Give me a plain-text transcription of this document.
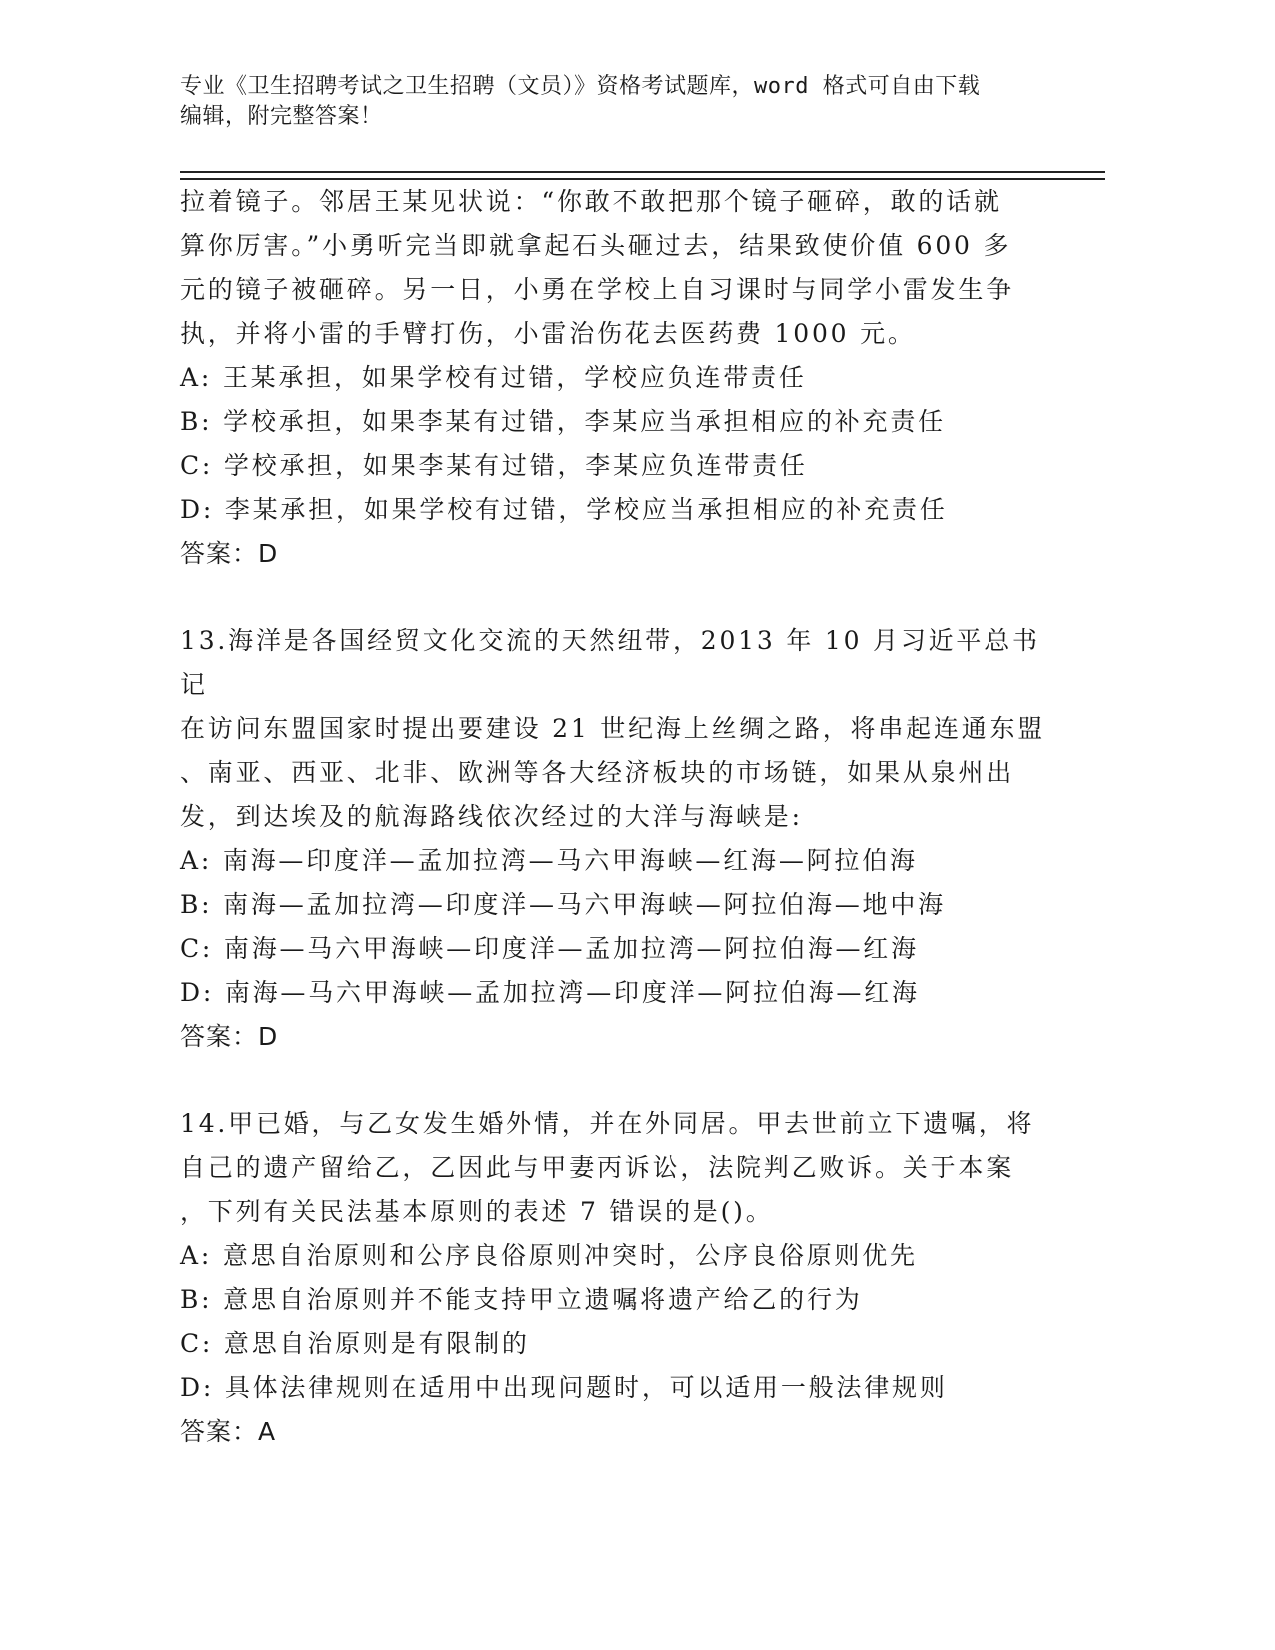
专业《卫生招聘考试之卫生招聘（文员）》资格考试题库，word 格式可自由下载
编辑，附完整答案！

拉着镜子。邻居王某见状说：“你敢不敢把那个镜子砸碎，敢的话就

算你厉害。”小勇听完当即就拿起石头砸过去，结果致使价值 600 多

元的镜子被砸碎。另一日，小勇在学校上自习课时与同学小雷发生争

执，并将小雷的手臂打伤，小雷治伤花去医药费 1000 元。

A: 王某承担，如果学校有过错，学校应负连带责任

B: 学校承担，如果李某有过错，李某应当承担相应的补充责任

C: 学校承担，如果李某有过错，李某应负连带责任

D: 李某承担，如果学校有过错，学校应当承担相应的补充责任

答案：D

13.海洋是各国经贸文化交流的天然纽带，2013 年 10 月习近平总书记

在访问东盟国家时提出要建设 21 世纪海上丝绸之路，将串起连通东盟

、南亚、西亚、北非、欧洲等各大经济板块的市场链，如果从泉州出

发，到达埃及的航海路线依次经过的大洋与海峡是:

A: 南海—印度洋—孟加拉湾—马六甲海峡—红海—阿拉伯海

B: 南海—孟加拉湾—印度洋—马六甲海峡—阿拉伯海—地中海

C: 南海—马六甲海峡—印度洋—孟加拉湾—阿拉伯海—红海

D: 南海—马六甲海峡—孟加拉湾—印度洋—阿拉伯海—红海

答案：D

14.甲已婚，与乙女发生婚外情，并在外同居。甲去世前立下遗嘱，将

自己的遗产留给乙，乙因此与甲妻丙诉讼，法院判乙败诉。关于本案

，下列有关民法基本原则的表述 7 错误的是()。

A: 意思自治原则和公序良俗原则冲突时，公序良俗原则优先

B: 意思自治原则并不能支持甲立遗嘱将遗产给乙的行为

C: 意思自治原则是有限制的

D: 具体法律规则在适用中出现问题时，可以适用一般法律规则

答案：A
